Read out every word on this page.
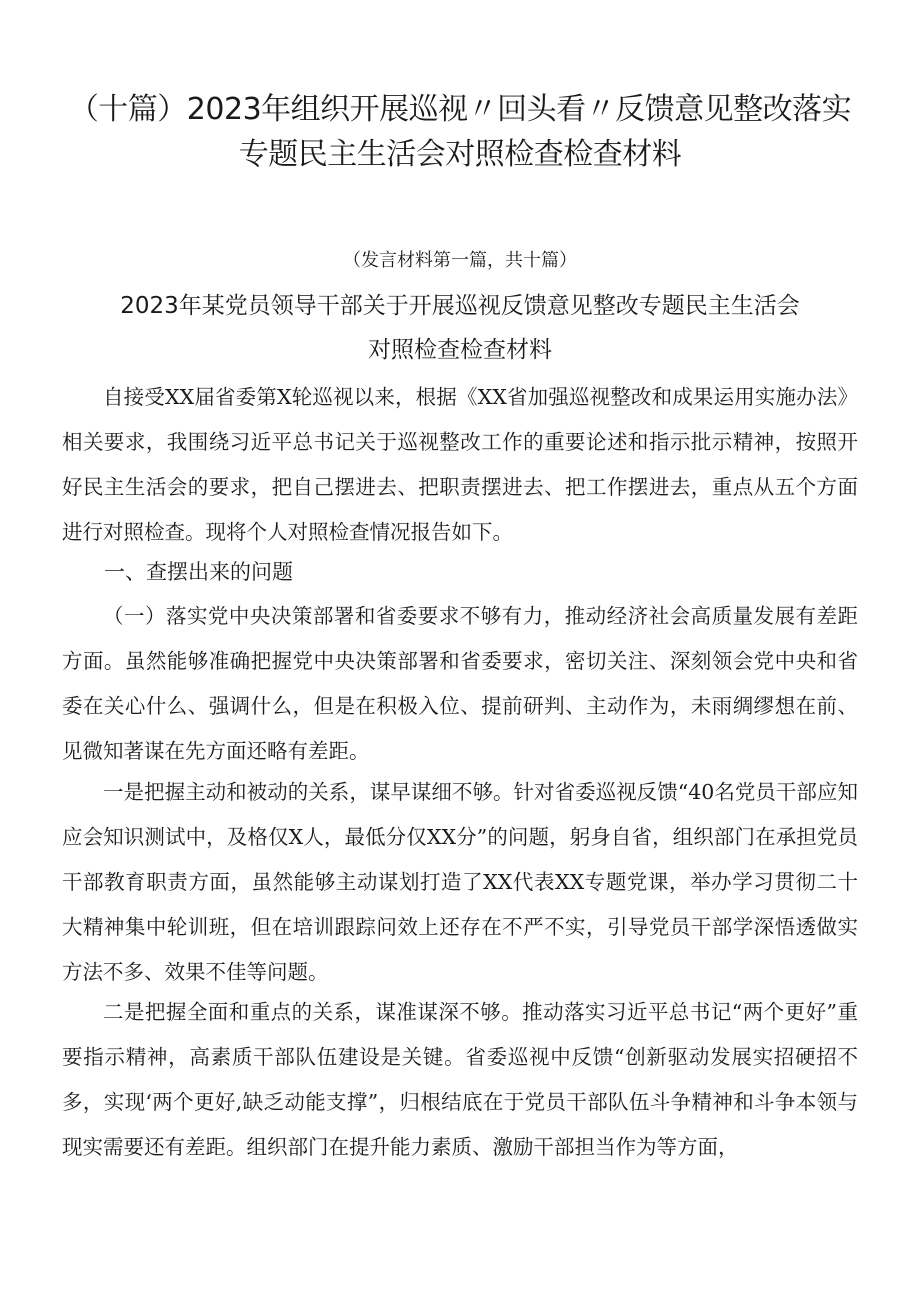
（十篇）2023年组织开展巡视〃回头看〃反馈意见整改落实
专题民主生活会对照检查检查材料
（发言材料第一篇，共十篇）
2023年某党员领导干部关于开展巡视反馈意见整改专题民主生活会
对照检查检查材料

自接受XX届省委第X轮巡视以来，根据《XX省加强巡视整改和成果运用实施办法》相关要求，我围绕习近平总书记关于巡视整改工作的重要论述和指示批示精神，按照开好民主生活会的要求，把自己摆进去、把职责摆进去、把工作摆进去，重点从五个方面进行对照检查。现将个人对照检查情况报告如下。

一、查摆出来的问题

（一）落实党中央决策部署和省委要求不够有力，推动经济社会高质量发展有差距方面。虽然能够准确把握党中央决策部署和省委要求，密切关注、深刻领会党中央和省委在关心什么、强调什么，但是在积极入位、提前研判、主动作为，未雨绸缪想在前、见微知著谋在先方面还略有差距。

一是把握主动和被动的关系，谋早谋细不够。针对省委巡视反馈“40名党员干部应知应会知识测试中，及格仅X人，最低分仅XX分”的问题，躬身自省，组织部门在承担党员干部教育职责方面，虽然能够主动谋划打造了XX代表XX专题党课，举办学习贯彻二十大精神集中轮训班，但在培训跟踪问效上还存在不严不实，引导党员干部学深悟透做实方法不多、效果不佳等问题。

二是把握全面和重点的关系，谋准谋深不够。推动落实习近平总书记“两个更好”重要指示精神，高素质干部队伍建设是关键。省委巡视中反馈“创新驱动发展实招硬招不多，实现‘两个更好,缺乏动能支撑”，归根结底在于党员干部队伍斗争精神和斗争本领与现实需要还有差距。组织部门在提升能力素质、激励干部担当作为等方面，
